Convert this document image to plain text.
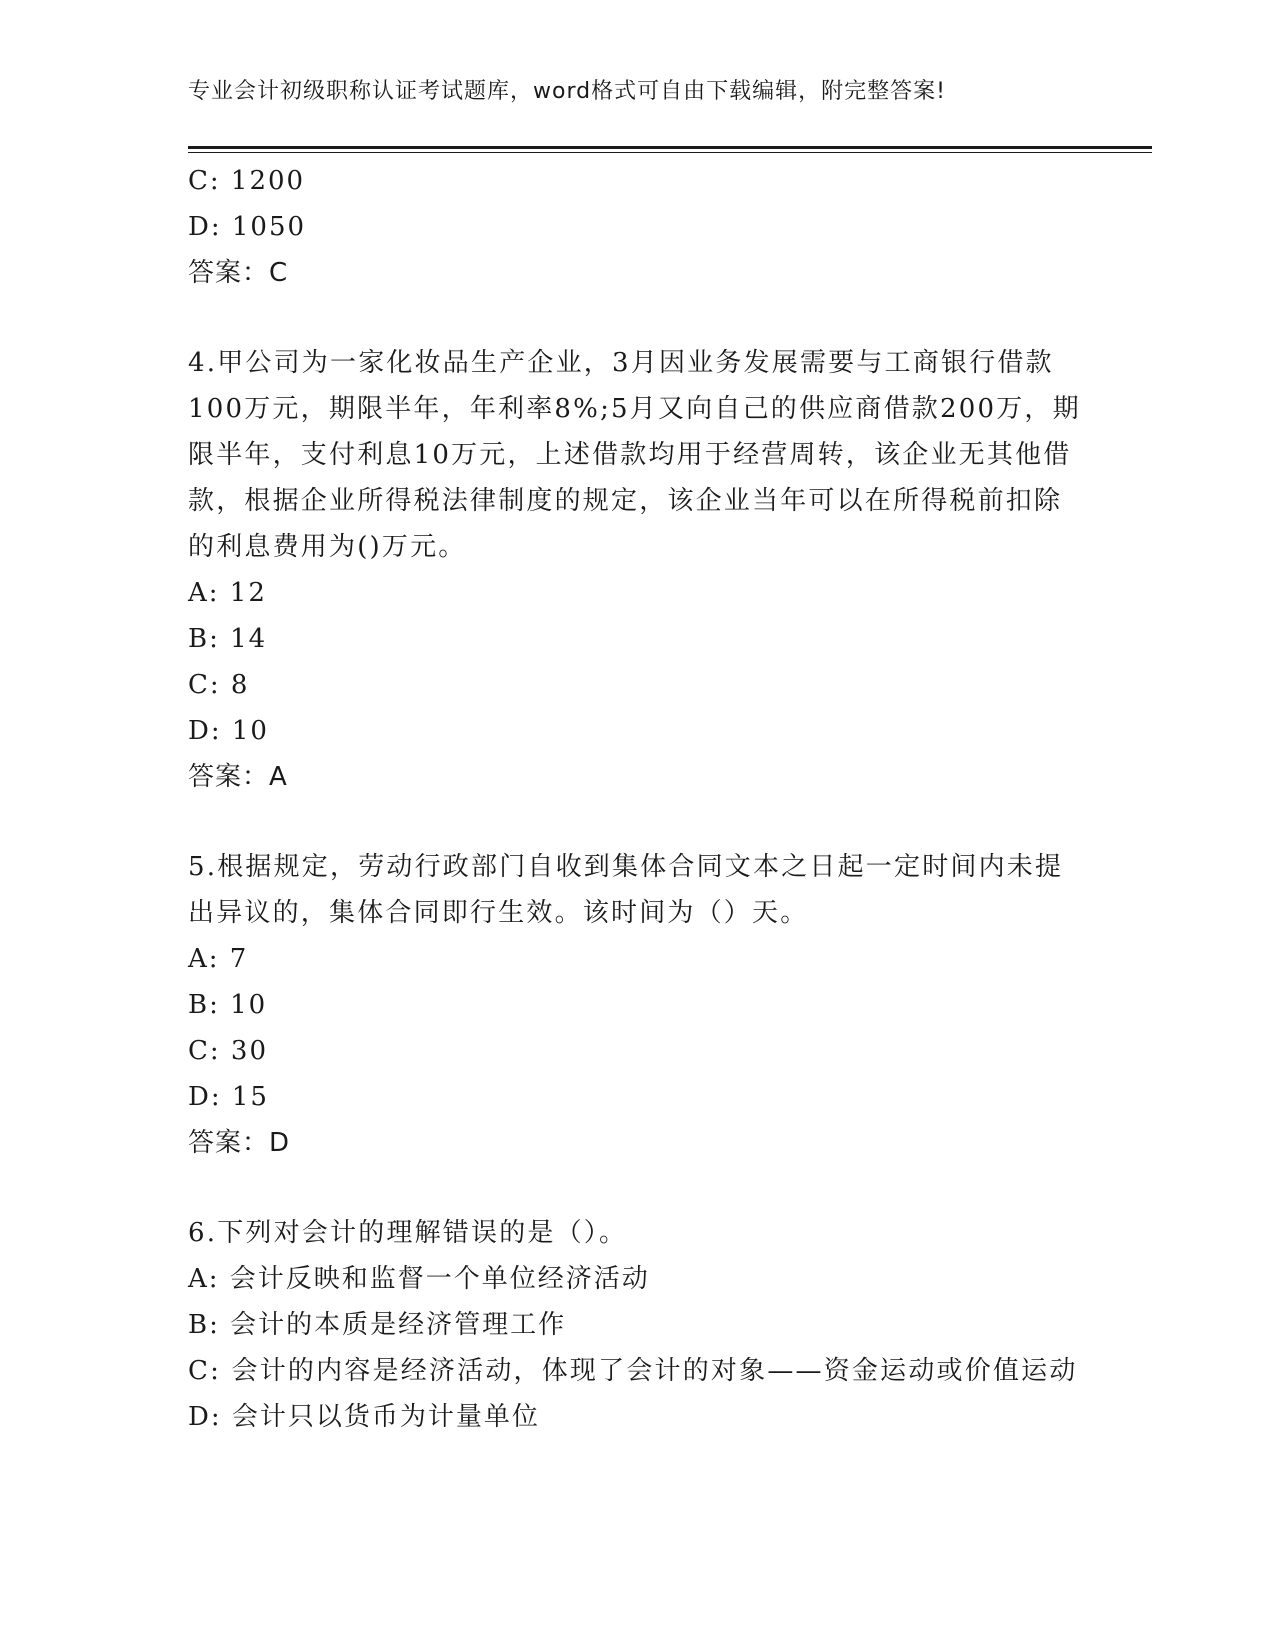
专业会计初级职称认证考试题库，word格式可自由下载编辑，附完整答案!
C: 1200
D: 1050
答案：C
4.甲公司为一家化妆品生产企业，3月因业务发展需要与工商银行借款100万元，期限半年，年利率8%;5月又向自己的供应商借款200万，期限半年，支付利息10万元，上述借款均用于经营周转，该企业无其他借款，根据企业所得税法律制度的规定，该企业当年可以在所得税前扣除的利息费用为()万元。
A: 12
B: 14
C: 8
D: 10
答案：A
5.根据规定，劳动行政部门自收到集体合同文本之日起一定时间内未提出异议的，集体合同即行生效。该时间为（）天。
A: 7
B: 10
C: 30
D: 15
答案：D
6.下列对会计的理解错误的是（）。
A: 会计反映和监督一个单位经济活动
B: 会计的本质是经济管理工作
C: 会计的内容是经济活动，体现了会计的对象——资金运动或价值运动
D: 会计只以货币为计量单位
